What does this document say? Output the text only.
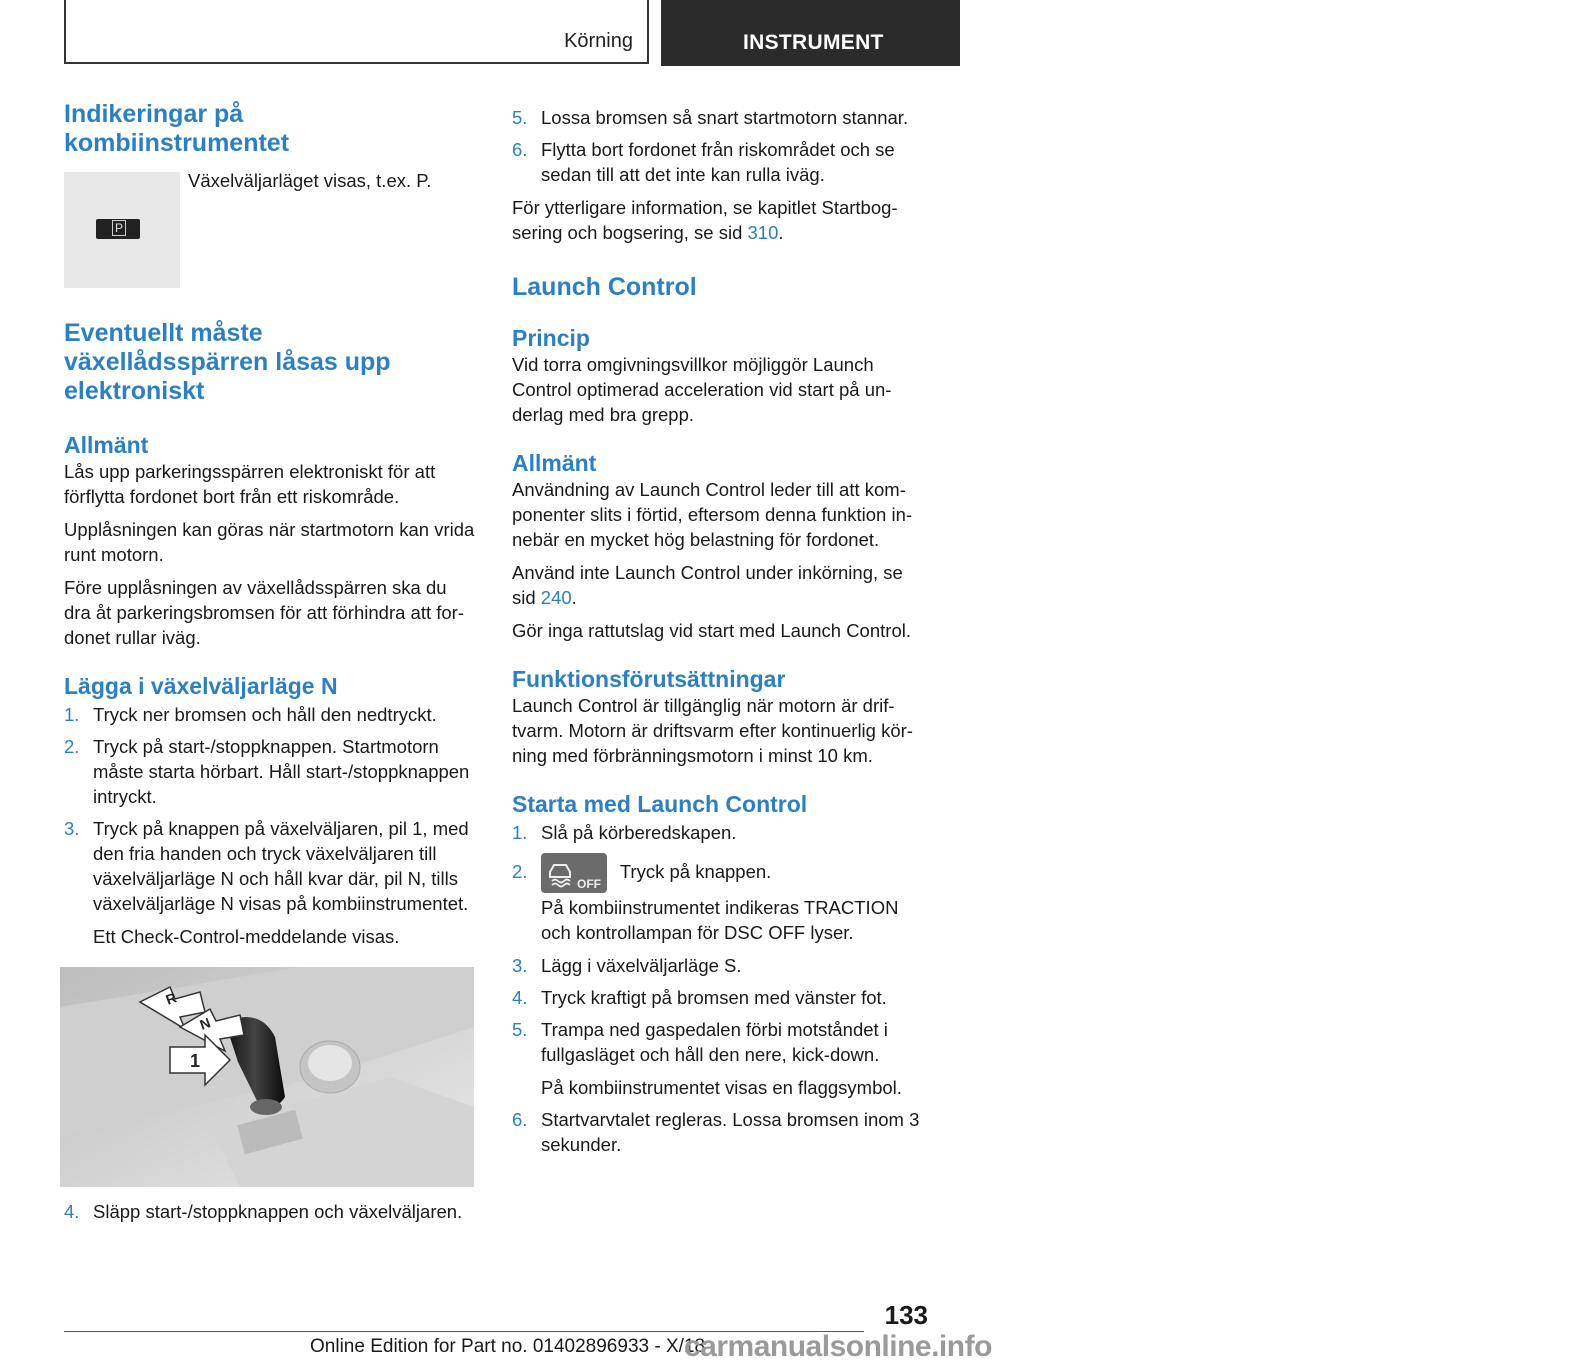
Körning	INSTRUMENT
Indikeringar på kombiinstrumentet
P

Växelväljarläget visas, t.ex. P.

Eventuellt måste växellådsspärren låsas upp elektroniskt
Allmänt

Lås upp parkeringsspärren elektroniskt för att förflytta fordonet bort från ett riskområde.

Upplåsningen kan göras när startmotorn kan vrida runt motorn.

Före upplåsningen av växellådsspärren ska du dra åt parkeringsbromsen för att förhindra att fordonet rullar iväg.

Lägga i växelväljarläge N
1. Tryck ner bromsen och håll den nedtryckt.
2. Tryck på start-/stoppknappen. Startmotorn måste starta hörbart. Håll start-/stoppknappen intryckt.
3. Tryck på knappen på växelväljaren, pil 1, med den fria handen och tryck växelväljaren till växelväljarläge N och håll kvar där, pil N, tills växelväljarläge N visas på kombiinstrumentet.
Ett Check-Control-meddelande visas.
R
N
1
4. Släpp start-/stoppknappen och växelväljaren.
5. Lossa bromsen så snart startmotorn stannar.
6. Flytta bort fordonet från riskområdet och se sedan till att det inte kan rulla iväg.

För ytterligare information, se kapitlet Startbogsering och bogsering, se sid 310.

Launch Control
Princip

Vid torra omgivningsvillkor möjliggör Launch Control optimerad acceleration vid start på underlag med bra grepp.

Allmänt

Användning av Launch Control leder till att komponenter slits i förtid, eftersom denna funktion innebär en mycket hög belastning för fordonet.

Använd inte Launch Control under inkörning, se sid 240.

Gör inga rattutslag vid start med Launch Control.

Funktionsförutsättningar

Launch Control är tillgänglig när motorn är driftvarm. Motorn är driftsvarm efter kontinuerlig körning med förbränningsmotorn i minst 10 km.

Starta med Launch Control
1. Slå på körberedskapen.
2.
OFF
Tryck på knappen.
På kombiinstrumentet indikeras TRACTION och kontrollampan för DSC OFF lyser.
3. Lägg i växelväljarläge S.
4. Tryck kraftigt på bromsen med vänster fot.
5. Trampa ned gaspedalen förbi motståndet i fullgasläget och håll den nere, kick-down.
På kombiinstrumentet visas en flaggsymbol.
6. Startvarvtalet regleras. Lossa bromsen inom 3 sekunder.
133
Online Edition for Part no. 01402896933 - X/18
carmanualsonline.info
